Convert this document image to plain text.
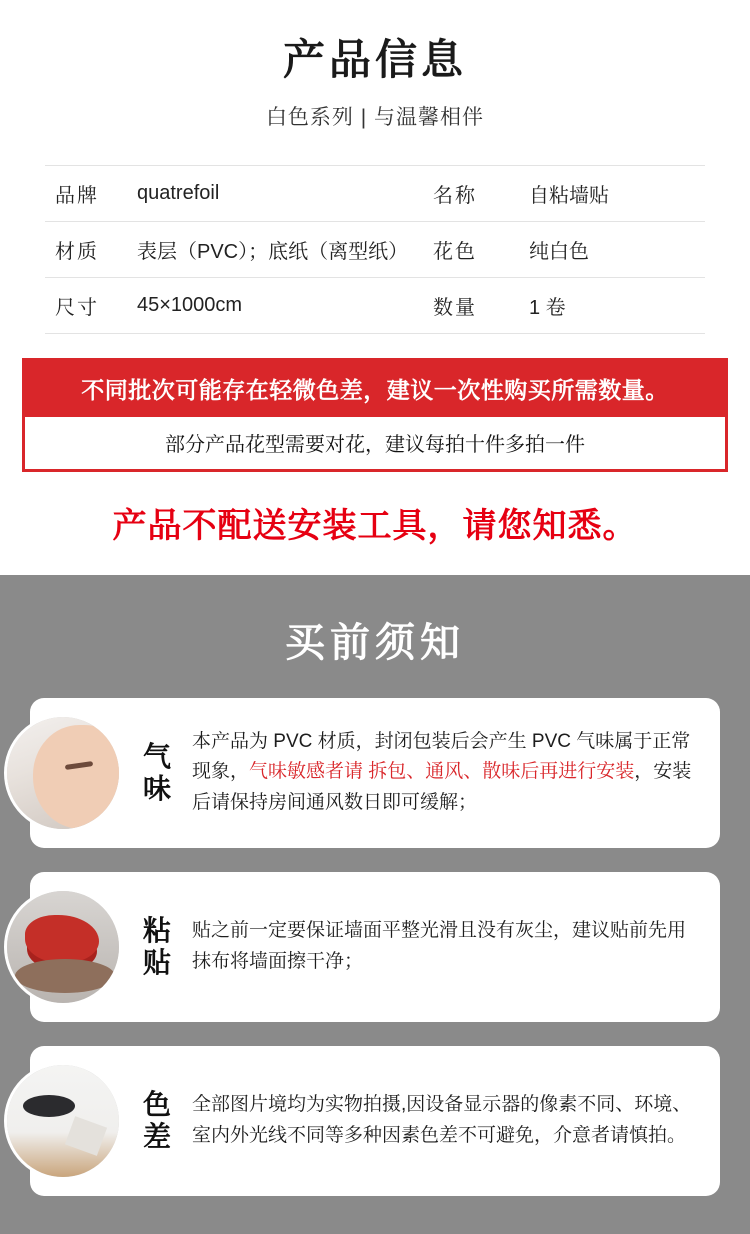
产品信息
白色系列 | 与温馨相伴
品牌	quatrefoil	名称	自粘墙贴
材质	表层（PVC）；底纸（离型纸）	花色	纯白色
尺寸	45×1000cm	数量	1 卷
不同批次可能存在轻微色差，建议一次性购买所需数量。
部分产品花型需要对花，建议每拍十件多拍一件
产品不配送安装工具，请您知悉。
买前须知
气味
本产品为 PVC 材质，封闭包装后会产生 PVC 气味属于正常现象，气味敏感者请 拆包、通风、散味后再进行安装，安装后请保持房间通风数日即可缓解；
粘贴
贴之前一定要保证墙面平整光滑且没有灰尘，建议贴前先用抹布将墙面擦干净；
色差
全部图片境均为实物拍摄,因设备显示器的像素不同、环境、室内外光线不同等多种因素色差不可避免，介意者请慎拍。
